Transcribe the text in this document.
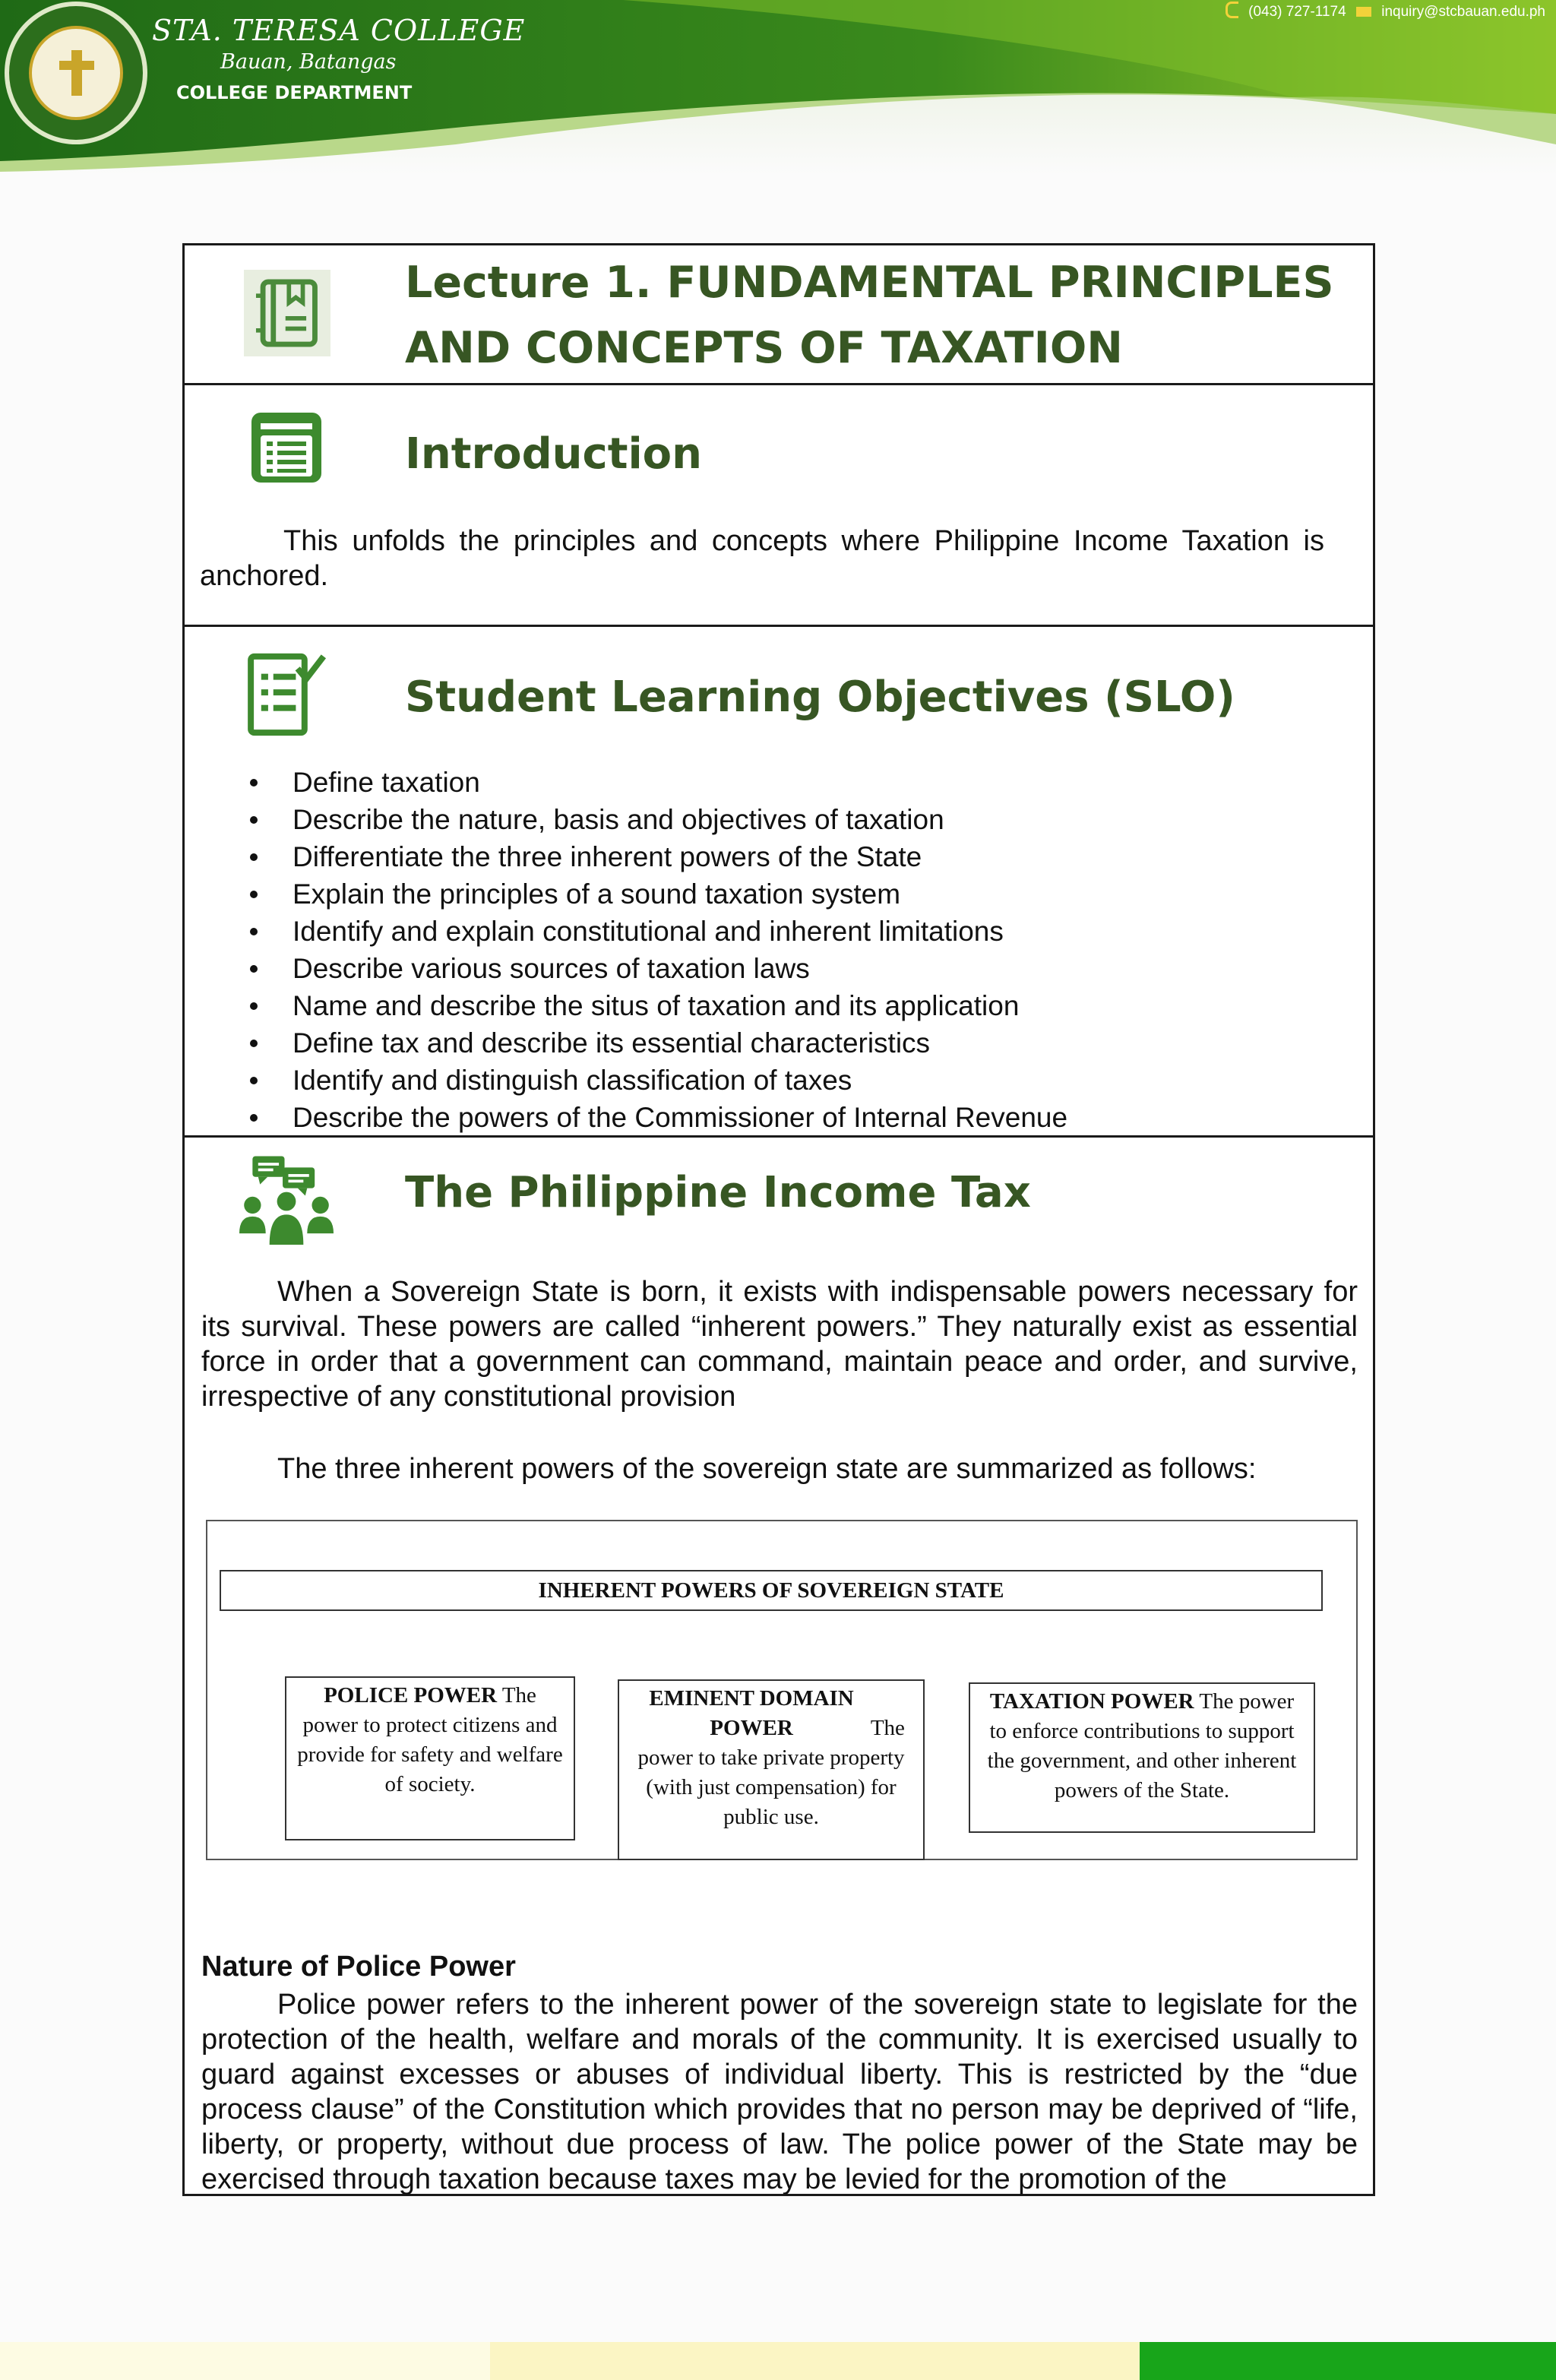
STA. TERESA COLLEGE
Bauan, Batangas
COLLEGE DEPARTMENT
(043) 727-1174 inquiry@stcbauan.edu.ph
Lecture 1. FUNDAMENTAL PRINCIPLES
AND CONCEPTS OF TAXATION
Introduction

This unfolds the principles and concepts where Philippine Income Taxation is anchored.

Student Learning Objectives (SLO)
Define taxation
Describe the nature, basis and objectives of taxation
Differentiate the three inherent powers of the State
Explain the principles of a sound taxation system
Identify and explain constitutional and inherent limitations
Describe various sources of taxation laws
Name and describe the situs of taxation and its application
Define tax and describe its essential characteristics
Identify and distinguish classification of taxes
Describe the powers of the Commissioner of Internal Revenue
The Philippine Income Tax

When a Sovereign State is born, it exists with indispensable powers necessary for its survival. These powers are called “inherent powers.” They naturally exist as essential force in order that a government can command, maintain peace and order, and survive, irrespective of any constitutional provision

The three inherent powers of the sovereign state are summarized as follows:

INHERENT POWERS OF SOVEREIGN STATE
POLICE POWER The power to protect citizens and provide for safety and welfare of society.
EMINENT DOMAIN POWER	The power to take private property (with just compensation) for public use.
TAXATION POWER The power to enforce contributions to support the government, and other inherent powers of the State.
Nature of Police Power

Police power refers to the inherent power of the sovereign state to legislate for the protection of the health, welfare and morals of the community. It is exercised usually to guard against excesses or abuses of individual liberty. This is restricted by the “due process clause” of the Constitution which provides that no person may be deprived of “life, liberty, or property, without due process of law. The police power of the State may be exercised through taxation because taxes may be levied for the promotion of the
